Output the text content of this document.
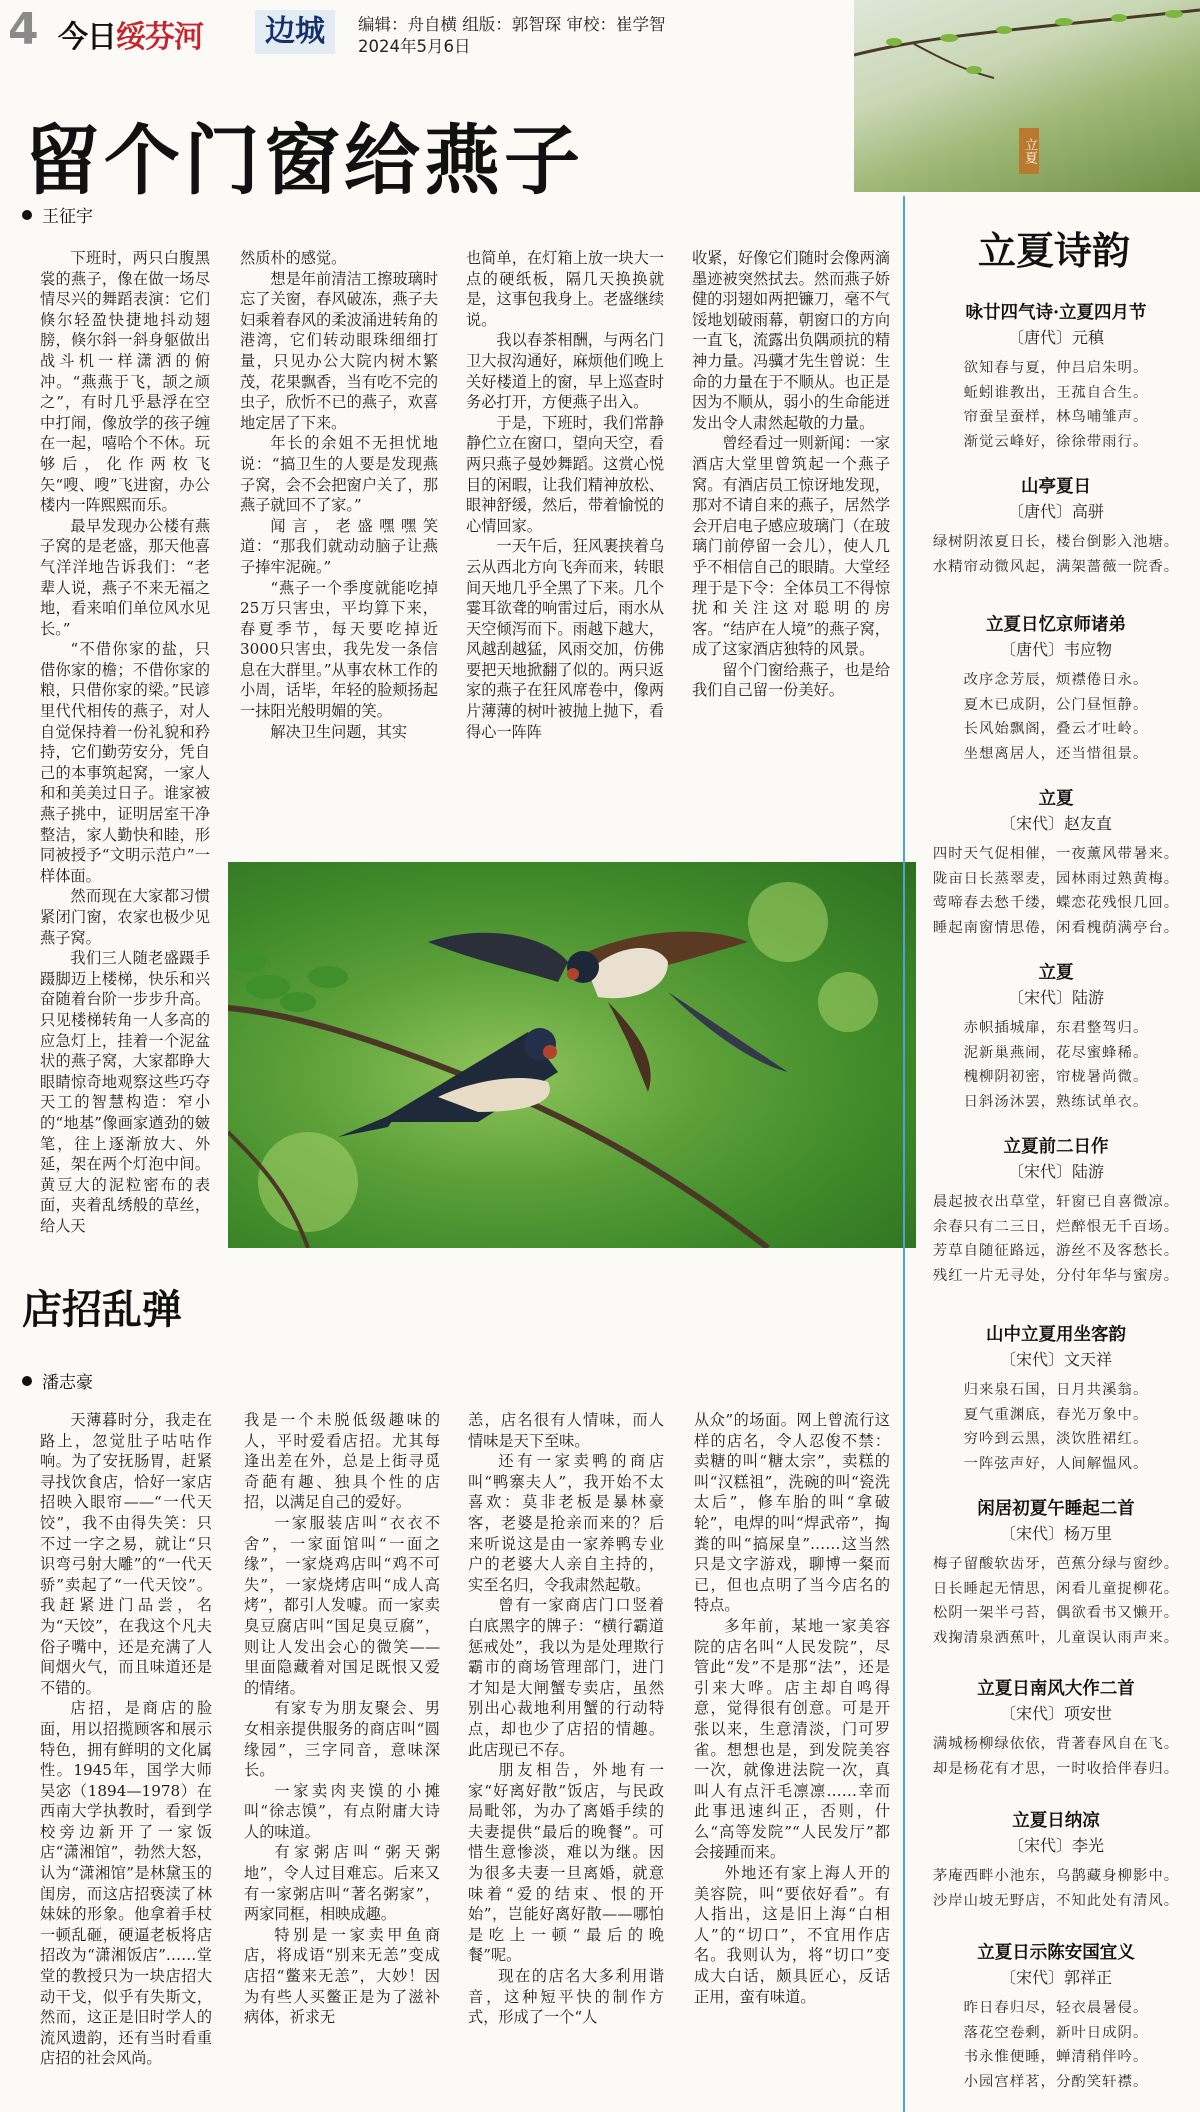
4 今日绥芬河	边城	编辑：舟自横 组版：郭智琛 审校：崔学智
2024年5月6日
立夏
留个门窗给燕子
王征宇

下班时，两只白腹黑裳的燕子，像在做一场尽情尽兴的舞蹈表演：它们倏尔轻盈快捷地抖动翅膀，倏尔斜一斜身躯做出战斗机一样潇洒的俯冲。“燕燕于飞，颉之颃之”，有时几乎悬浮在空中打闹，像放学的孩子缠在一起，嘻哈个不休。玩够后，化作两枚飞矢“嗖、嗖”飞进窗，办公楼内一阵熙熙而乐。

最早发现办公楼有燕子窝的是老盛，那天他喜气洋洋地告诉我们：“老辈人说，燕子不来无福之地，看来咱们单位风水见长。”

“不借你家的盐，只借你家的檐；不借你家的粮，只借你家的梁。”民谚里代代相传的燕子，对人自觉保持着一份礼貌和矜持，它们勤劳安分，凭自己的本事筑起窝，一家人和和美美过日子。谁家被燕子挑中，证明居室干净整洁，家人勤快和睦，形同被授予“文明示范户”一样体面。

然而现在大家都习惯紧闭门窗，农家也极少见燕子窝。

我们三人随老盛蹑手蹑脚迈上楼梯，快乐和兴奋随着台阶一步步升高。只见楼梯转角一人多高的应急灯上，挂着一个泥盆状的燕子窝，大家都睁大眼睛惊奇地观察这些巧夺天工的智慧构造：窄小的“地基”像画家遒劲的皴笔，往上逐渐放大、外延，架在两个灯泡中间。黄豆大的泥粒密布的表面，夹着乱绣般的草丝，给人天

然质朴的感觉。

想是年前清洁工擦玻璃时忘了关窗，春风破冻，燕子夫妇乘着春风的柔波涌进转角的港湾，它们转动眼珠细细打量，只见办公大院内树木繁茂，花果飘香，当有吃不完的虫子，欣忻不已的燕子，欢喜地定居了下来。

年长的余姐不无担忧地说：“搞卫生的人要是发现燕子窝，会不会把窗户关了，那燕子就回不了家。”

闻言，老盛嘿嘿笑道：“那我们就动动脑子让燕子捧牢泥碗。”

“燕子一个季度就能吃掉25万只害虫，平均算下来，春夏季节，每天要吃掉近3000只害虫，我先发一条信息在大群里。”从事农林工作的小周，话毕，年轻的脸颊扬起一抹阳光般明媚的笑。

解决卫生问题，其实

也简单，在灯箱上放一块大一点的硬纸板，隔几天换换就是，这事包我身上。老盛继续说。

我以春茶相酬，与两名门卫大叔沟通好，麻烦他们晚上关好楼道上的窗，早上巡查时务必打开，方便燕子出入。

于是，下班时，我们常静静伫立在窗口，望向天空，看两只燕子曼妙舞蹈。这赏心悦目的闲暇，让我们精神放松、眼神舒缓，然后，带着愉悦的心情回家。

一天午后，狂风裹挟着乌云从西北方向飞奔而来，转眼间天地几乎全黑了下来。几个霎耳欲聋的响雷过后，雨水从天空倾泻而下。雨越下越大，风越刮越猛，风雨交加，仿佛要把天地掀翻了似的。两只返家的燕子在狂风席卷中，像两片薄薄的树叶被抛上抛下，看得心一阵阵

收紧，好像它们随时会像两滴墨迹被突然拭去。然而燕子娇健的羽翅如两把镰刀，毫不气馁地划破雨幕，朝窗口的方向一直飞，流露出负隅顽抗的精神力量。冯骥才先生曾说：生命的力量在于不顺从。也正是因为不顺从，弱小的生命能迸发出令人肃然起敬的力量。

曾经看过一则新闻：一家酒店大堂里曾筑起一个燕子窝。有酒店员工惊讶地发现，那对不请自来的燕子，居然学会开启电子感应玻璃门（在玻璃门前停留一会儿），使人几乎不相信自己的眼睛。大堂经理于是下令：全体员工不得惊扰和关注这对聪明的房客。“结庐在人境”的燕子窝，成了这家酒店独特的风景。

留个门窗给燕子，也是给我们自己留一份美好。

店招乱弹
潘志豪

天薄暮时分，我走在路上，忽觉肚子咕咕作响。为了安抚肠胃，赶紧寻找饮食店，恰好一家店招映入眼帘——“一代天饺”，我不由得失笑：只不过一字之易，就让“只识弯弓射大雕”的“一代天骄”卖起了“一代天饺”。我赶紧进门品尝，名为“天饺”，在我这个凡夫俗子嘴中，还是充满了人间烟火气，而且味道还是不错的。

店招，是商店的脸面，用以招揽顾客和展示特色，拥有鲜明的文化属性。1945年，国学大师吴宓（1894—1978）在西南大学执教时，看到学校旁边新开了一家饭店“潇湘馆”，勃然大怒，认为“潇湘馆”是林黛玉的闺房，而这店招亵渎了林妹妹的形象。他拿着手杖一顿乱砸，硬逼老板将店招改为“潇湘饭店”……堂堂的教授只为一块店招大动干戈，似乎有失斯文，然而，这正是旧时学人的流风遗韵，还有当时看重店招的社会风尚。

我是一个未脱低级趣味的人，平时爱看店招。尤其每逢出差在外，总是上街寻觅奇葩有趣、独具个性的店招，以满足自己的爱好。

一家服装店叫“衣衣不舍”，一家面馆叫“一面之缘”，一家烧鸡店叫“鸡不可失”，一家烧烤店叫“成人高烤”，都引人发噱。而一家卖臭豆腐店叫“国足臭豆腐”，则让人发出会心的微笑——里面隐藏着对国足既恨又爱的情绪。

有家专为朋友聚会、男女相亲提供服务的商店叫“圆缘园”，三字同音，意味深长。

一家卖肉夹馍的小摊叫“徐志馍”，有点附庸大诗人的味道。

有家粥店叫“粥天粥地”，令人过目难忘。后来又有一家粥店叫“著名粥家”，两家同框，相映成趣。

特别是一家卖甲鱼商店，将成语“别来无恙”变成店招“鳖来无恙”，大妙！因为有些人买鳖正是为了滋补病体，祈求无

恙，店名很有人情味，而人情味是天下至味。

还有一家卖鸭的商店叫“鸭寨夫人”，我开始不太喜欢：莫非老板是暴林豪客，老婆是抢亲而来的？后来听说这是由一家养鸭专业户的老婆大人亲自主持的，实至名归，令我肃然起敬。

曾有一家商店门口竖着白底黑字的牌子：“横行霸道惩戒处”，我以为是处理欺行霸市的商场管理部门，进门才知是大闸蟹专卖店，虽然别出心裁地利用蟹的行动特点，却也少了店招的情趣。此店现已不存。

朋友相告，外地有一家“好离好散”饭店，与民政局毗邻，为办了离婚手续的夫妻提供“最后的晚餐”。可惜生意惨淡，难以为继。因为很多夫妻一旦离婚，就意味着“爱的结束、恨的开始”，岂能好离好散——哪怕是吃上一顿“最后的晚餐”呢。

现在的店名大多利用谐音，这种短平快的制作方式，形成了一个“人

从众”的场面。网上曾流行这样的店名，令人忍俊不禁：卖糖的叫“糖太宗”，卖糕的叫“汉糕祖”，洗碗的叫“瓷洗太后”，修车胎的叫“拿破轮”，电焊的叫“焊武帝”，掏粪的叫“搞屎皇”……这当然只是文字游戏，聊博一粲而已，但也点明了当今店名的特点。

多年前，某地一家美容院的店名叫“人民发院”，尽管此“发”不是那“法”，还是引来大哗。店主却自鸣得意，觉得很有创意。可是开张以来，生意清淡，门可罗雀。想想也是，到发院美容一次，就像进法院一次，真叫人有点汗毛凛凛……幸而此事迅速纠正，否则，什么“高等发院”“人民发厅”都会接踵而来。

外地还有家上海人开的美容院，叫“要依好看”。有人指出，这是旧上海“白相人”的“切口”，不宜用作店名。我则认为，将“切口”变成大白话，颇具匠心，反话正用，蛮有味道。

立夏诗韵
咏廿四气诗·立夏四月节
〔唐代〕元稹
欲知春与夏，仲吕启朱明。
蚯蚓谁教出，王菰自合生。
帘蚕呈蚕样，林鸟哺雏声。
渐觉云峰好，徐徐带雨行。
山亭夏日
〔唐代〕高骈
绿树阴浓夏日长，楼台倒影入池塘。
水精帘动微风起，满架蔷薇一院香。
立夏日忆京师诸弟
〔唐代〕韦应物
改序念芳辰，烦襟倦日永。
夏木已成阴，公门昼恒静。
长风始飘阁，叠云才吐岭。
坐想离居人，还当惜徂景。
立夏
〔宋代〕赵友直
四时天气促相催，一夜薰风带暑来。
陇亩日长蒸翠麦，园林雨过熟黄梅。
莺啼春去愁千缕，蝶恋花残恨几回。
睡起南窗情思倦，闲看槐荫满亭台。
立夏
〔宋代〕陆游
赤帜插城扉，东君整驾归。
泥新巢燕闹，花尽蜜蜂稀。
槐柳阴初密，帘栊暑尚微。
日斜汤沐罢，熟练试单衣。
立夏前二日作
〔宋代〕陆游
晨起披衣出草堂，轩窗已自喜微凉。
余春只有二三日，烂醉恨无千百场。
芳草自随征路远，游丝不及客愁长。
残红一片无寻处，分付年华与蜜房。
山中立夏用坐客韵
〔宋代〕文天祥
归来泉石国，日月共溪翁。
夏气重渊底，春光万象中。
穷吟到云黑，淡饮胜裙红。
一阵弦声好，人间解愠风。
闲居初夏午睡起二首
〔宋代〕杨万里
梅子留酸软齿牙，芭蕉分绿与窗纱。
日长睡起无情思，闲看儿童捉柳花。
松阴一架半弓苔，偶欲看书又懒开。
戏掬清泉洒蕉叶，儿童误认雨声来。
立夏日南风大作二首
〔宋代〕项安世
满城杨柳绿依依，背著春风自在飞。
却是杨花有才思，一时收拾伴春归。
立夏日纳凉
〔宋代〕李光
茅庵西畔小池东，乌鹊藏身柳影中。
沙岸山坡无野店，不知此处有清风。
立夏日示陈安国宜义
〔宋代〕郭祥正
昨日春归尽，轻衣晨暑侵。
落花空卷剩，新叶日成阴。
书永惟便睡，蝉清稍伴吟。
小园宫样茗，分酌笑轩襟。
